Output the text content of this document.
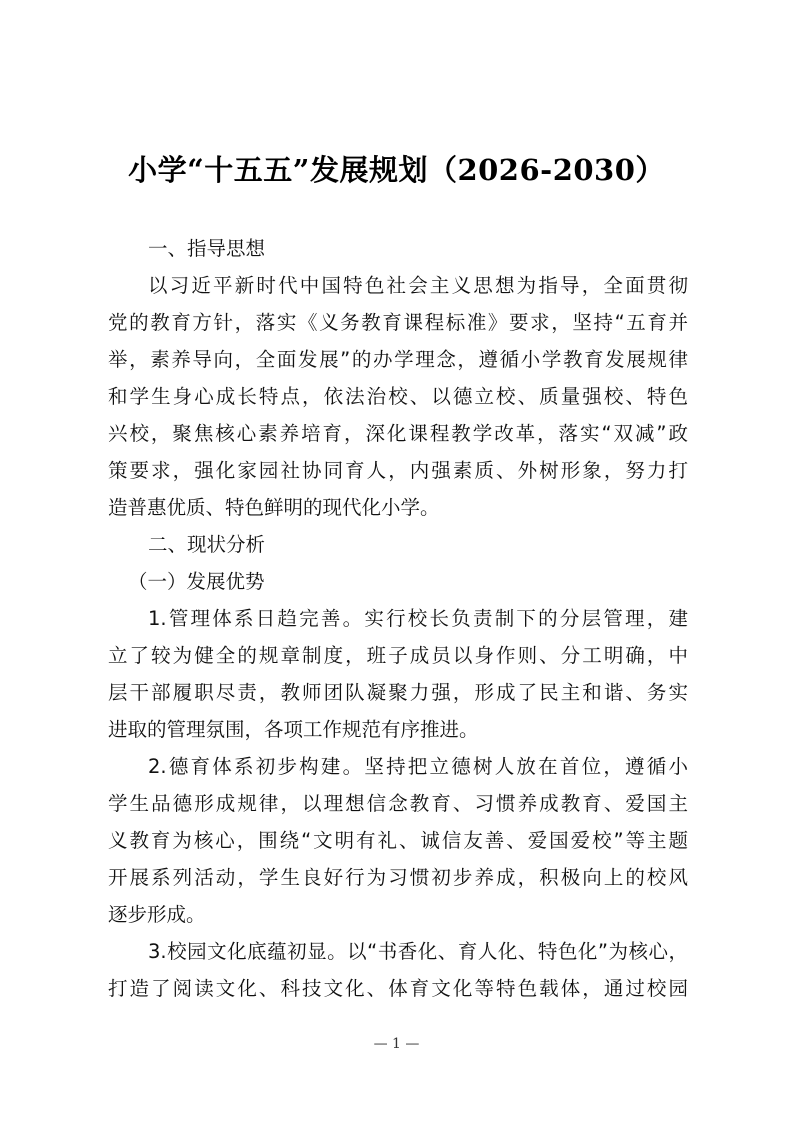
小学“十五五”发展规划（2026-2030）
一、指导思想
以习近平新时代中国特色社会主义思想为指导，全面贯彻
党的教育方针，落实《义务教育课程标准》要求，坚持“五育并
举，素养导向，全面发展”的办学理念，遵循小学教育发展规律
和学生身心成长特点，依法治校、以德立校、质量强校、特色
兴校，聚焦核心素养培育，深化课程教学改革，落实“双减”政
策要求，强化家园社协同育人，内强素质、外树形象，努力打
造普惠优质、特色鲜明的现代化小学。
二、现状分析
（一）发展优势
1.管理体系日趋完善。实行校长负责制下的分层管理，建
立了较为健全的规章制度，班子成员以身作则、分工明确，中
层干部履职尽责，教师团队凝聚力强，形成了民主和谐、务实
进取的管理氛围，各项工作规范有序推进。
2.德育体系初步构建。坚持把立德树人放在首位，遵循小
学生品德形成规律，以理想信念教育、习惯养成教育、爱国主
义教育为核心，围绕“文明有礼、诚信友善、爱国爱校”等主题
开展系列活动，学生良好行为习惯初步养成，积极向上的校风
逐步形成。
3.校园文化底蕴初显。以“书香化、育人化、特色化”为核心，
打造了阅读文化、科技文化、体育文化等特色载体，通过校园
— 1 —
